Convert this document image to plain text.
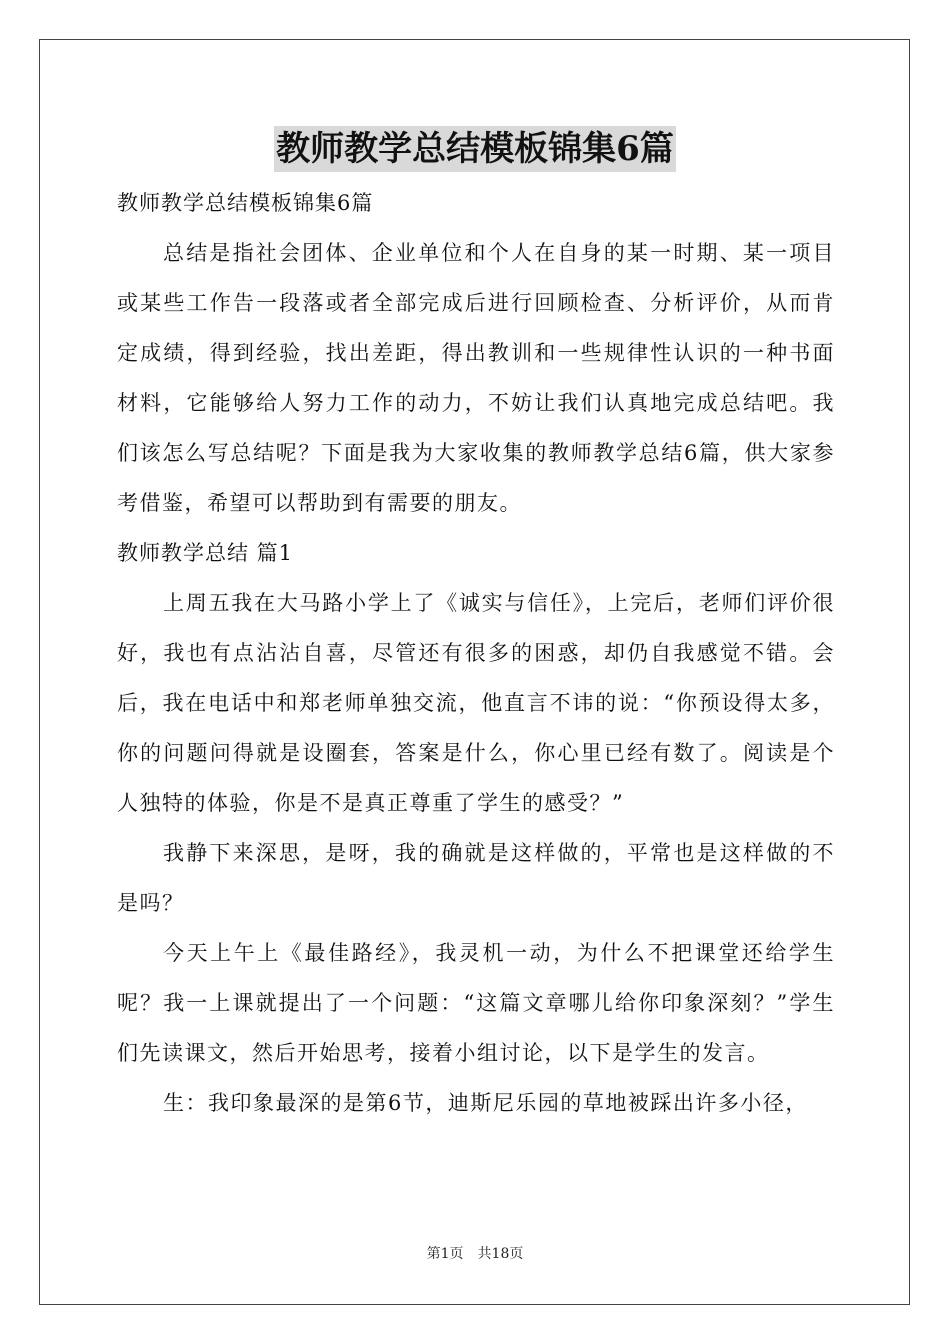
教师教学总结模板锦集6篇

教师教学总结模板锦集6篇

总结是指社会团体、企业单位和个人在自身的某一时期、某一项目或某些工作告一段落或者全部完成后进行回顾检查、分析评价，从而肯定成绩，得到经验，找出差距，得出教训和一些规律性认识的一种书面材料，它能够给人努力工作的动力，不妨让我们认真地完成总结吧。我们该怎么写总结呢？下面是我为大家收集的教师教学总结6篇，供大家参考借鉴，希望可以帮助到有需要的朋友。

教师教学总结 篇1

上周五我在大马路小学上了《诚实与信任》，上完后，老师们评价很好，我也有点沾沾自喜，尽管还有很多的困惑，却仍自我感觉不错。会后，我在电话中和郑老师单独交流，他直言不讳的说：“你预设得太多，你的问题问得就是设圈套，答案是什么，你心里已经有数了。阅读是个人独特的体验，你是不是真正尊重了学生的感受？”

我静下来深思，是呀，我的确就是这样做的，平常也是这样做的不是吗？

今天上午上《最佳路经》，我灵机一动，为什么不把课堂还给学生呢？我一上课就提出了一个问题：“这篇文章哪儿给你印象深刻？”学生们先读课文，然后开始思考，接着小组讨论，以下是学生的发言。

生：我印象最深的是第6节，迪斯尼乐园的草地被踩出许多小径，

第1页　共18页
